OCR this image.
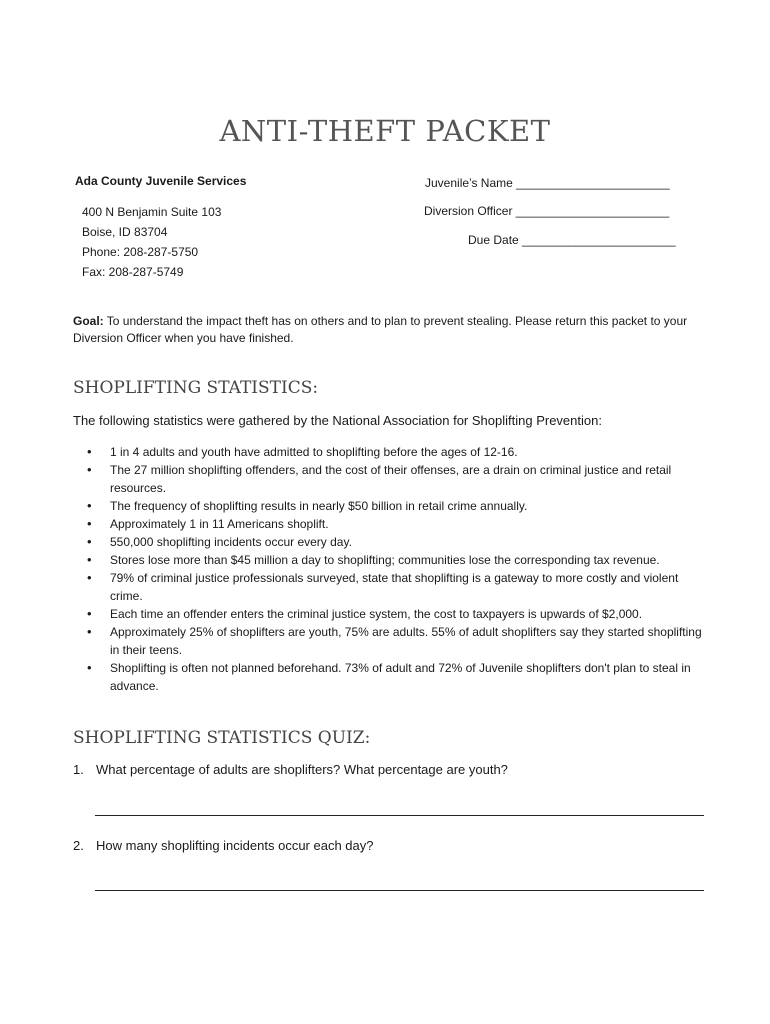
ANTI-THEFT PACKET
Ada County Juvenile Services
400 N Benjamin Suite 103
Boise, ID 83704
Phone: 208-287-5750
Fax: 208-287-5749
Juvenile’s Name _______________________
Diversion Officer _______________________
Due Date _______________________
Goal: To understand the impact theft has on others and to plan to prevent stealing. Please return this packet to your Diversion Officer when you have finished.
SHOPLIFTING STATISTICS:
The following statistics were gathered by the National Association for Shoplifting Prevention:
• 1 in 4 adults and youth have admitted to shoplifting before the ages of 12-16.
• The 27 million shoplifting offenders, and the cost of their offenses, are a drain on criminal justice and retail resources.
• The frequency of shoplifting results in nearly $50 billion in retail crime annually.
• Approximately 1 in 11 Americans shoplift.
• 550,000 shoplifting incidents occur every day.
• Stores lose more than $45 million a day to shoplifting; communities lose the corresponding tax revenue.
• 79% of criminal justice professionals surveyed, state that shoplifting is a gateway to more costly and violent crime.
• Each time an offender enters the criminal justice system, the cost to taxpayers is upwards of $2,000.
• Approximately 25% of shoplifters are youth, 75% are adults. 55% of adult shoplifters say they started shoplifting in their teens.
• Shoplifting is often not planned beforehand. 73% of adult and 72% of Juvenile shoplifters don't plan to steal in advance.
SHOPLIFTING STATISTICS QUIZ:
1. What percentage of adults are shoplifters? What percentage are youth?
2. How many shoplifting incidents occur each day?
